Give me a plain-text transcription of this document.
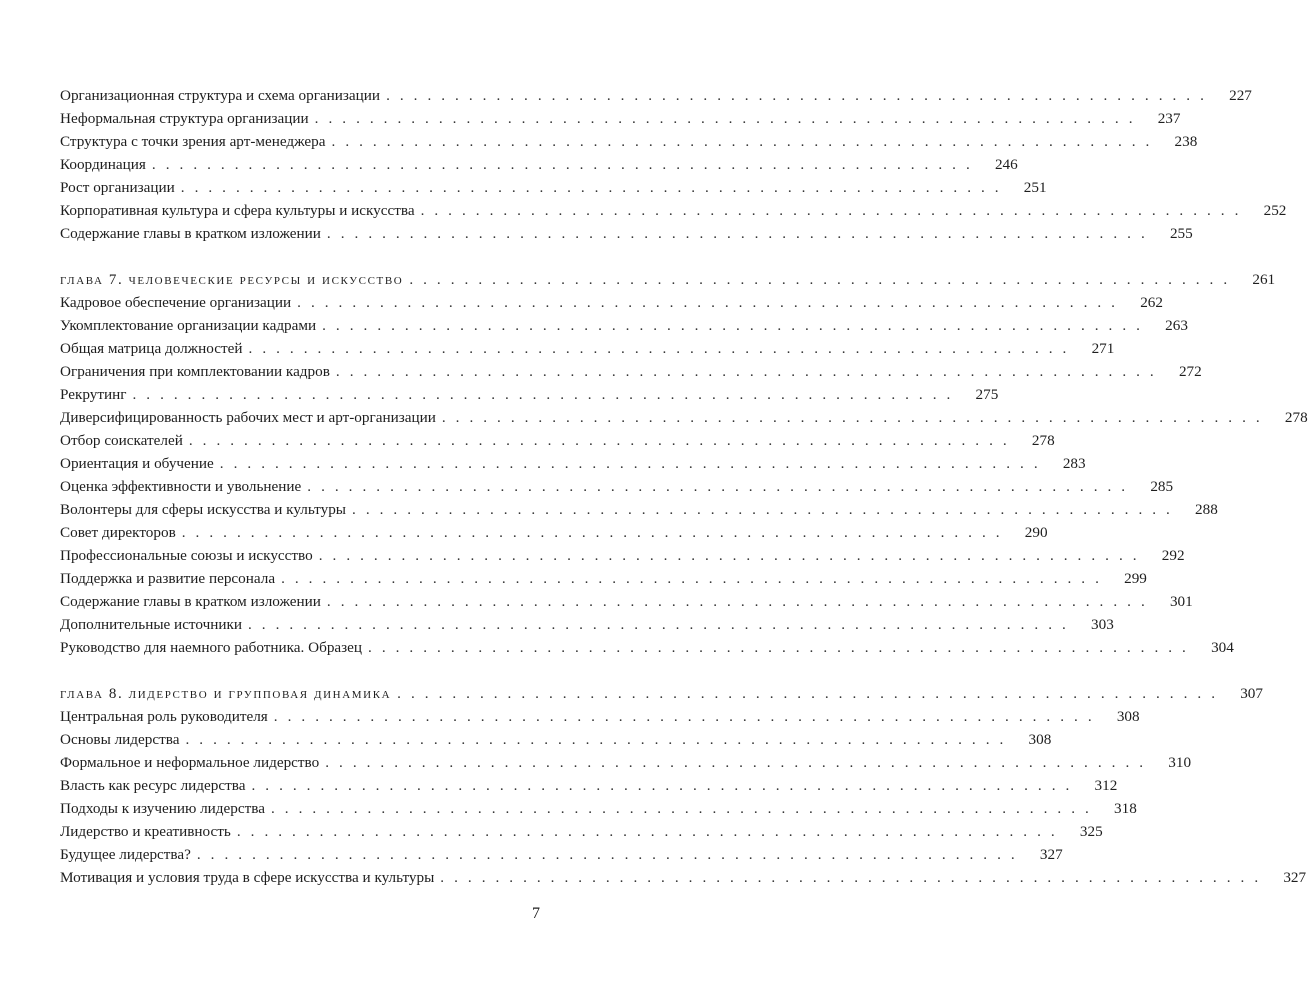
Организационная структура и схема организации ............................................................	227
Неформальная структура организации ............................................................	237
Структура с точки зрения арт-менеджера ............................................................	238
Координация ............................................................	246
Рост организации ............................................................	251
Корпоративная культура и сфера культуры и искусства ............................................................	252
Содержание главы в кратком изложении ............................................................	255
глава 7. человеческие ресурсы и искусство ............................................................	261
Кадровое обеспечение организации ............................................................	262
Укомплектование организации кадрами ............................................................	263
Общая матрица должностей ............................................................	271
Ограничения при комплектовании кадров ............................................................	272
Рекрутинг ............................................................	275
Диверсифицированность рабочих мест и арт-организации ............................................................	278
Отбор соискателей ............................................................	278
Ориентация и обучение ............................................................	283
Оценка эффективности и увольнение ............................................................	285
Волонтеры для сферы искусства и культуры ............................................................	288
Совет директоров ............................................................	290
Профессиональные союзы и искусство ............................................................	292
Поддержка и развитие персонала ............................................................	299
Содержание главы в кратком изложении ............................................................	301
Дополнительные источники ............................................................	303
Руководство для наемного работника. Образец ............................................................	304
глава 8. лидерство и групповая динамика ............................................................	307
Центральная роль руководителя ............................................................	308
Основы лидерства ............................................................	308
Формальное и неформальное лидерство ............................................................	310
Власть как ресурс лидерства ............................................................	312
Подходы к изучению лидерства ............................................................	318
Лидерство и креативность ............................................................	325
Будущее лидерства? ............................................................	327
Мотивация и условия труда в сфере искусства и культуры ............................................................	327
7
